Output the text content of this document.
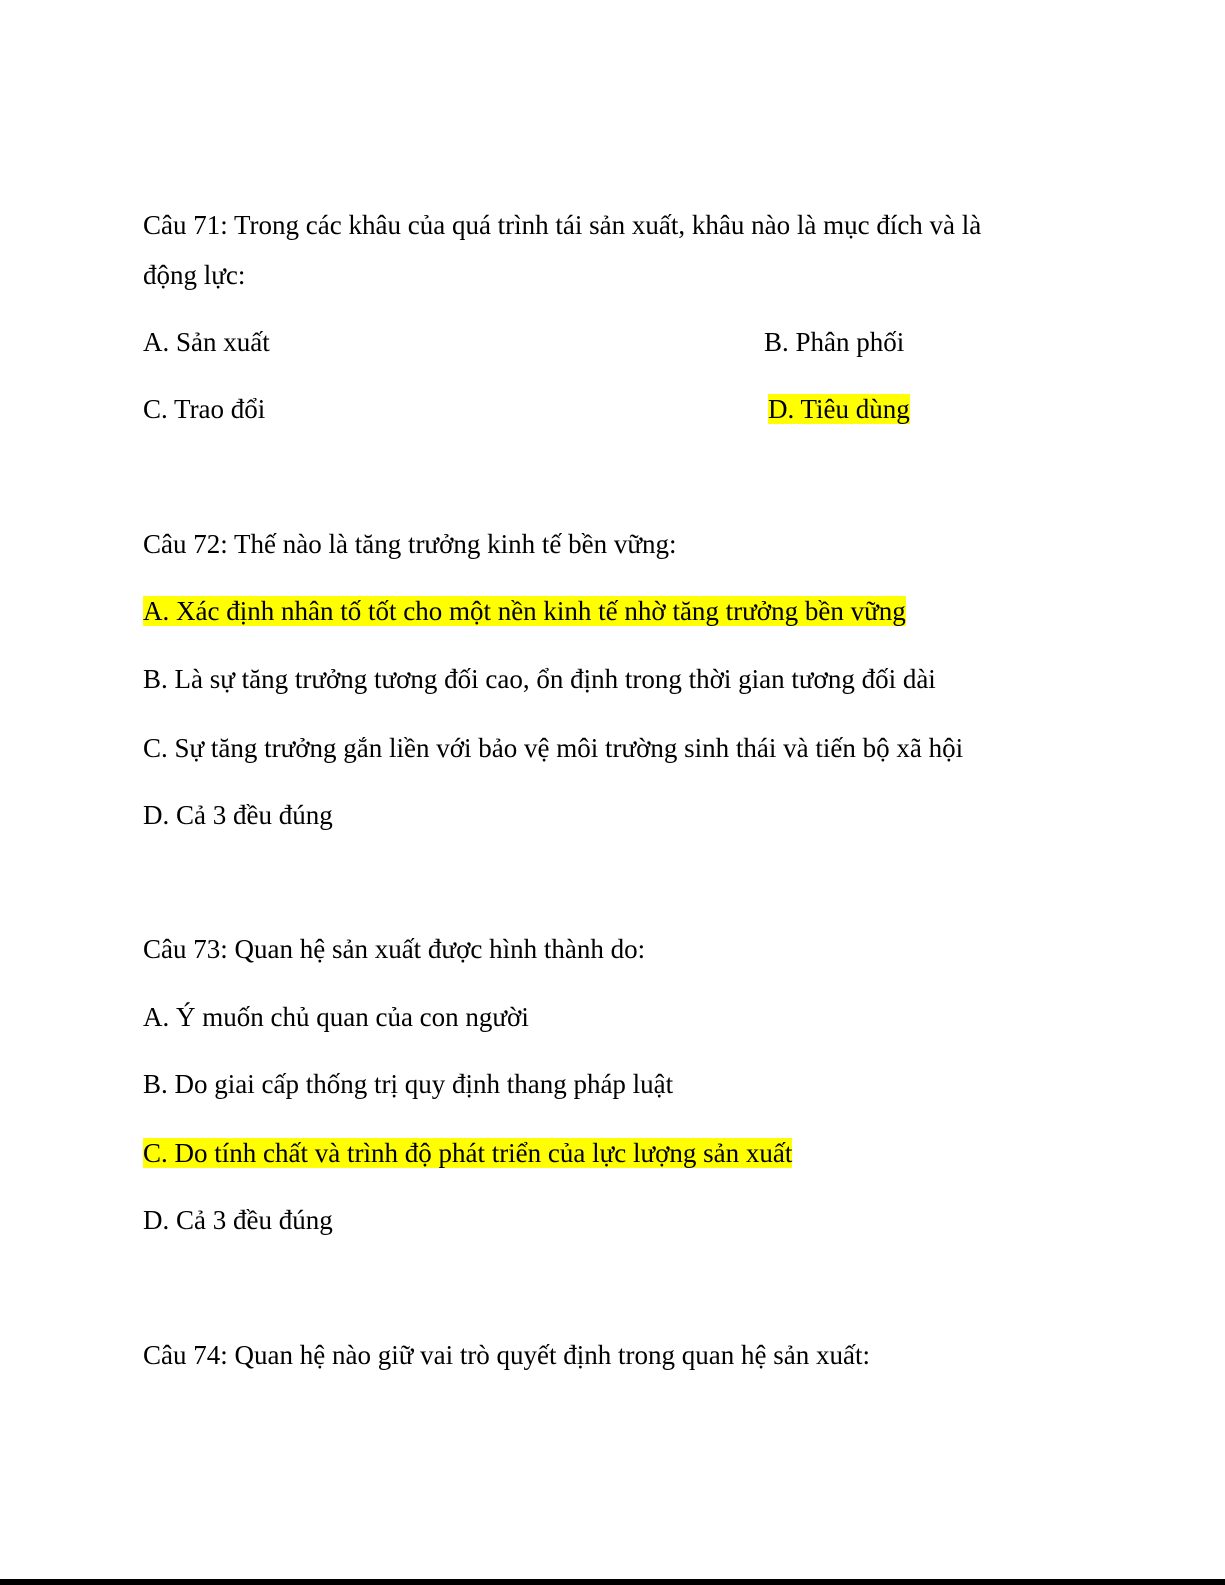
Câu 71: Trong các khâu của quá trình tái sản xuất, khâu nào là mục đích và là
động lực:
A. Sản xuất	B. Phân phối
C. Trao đổi	D. Tiêu dùng
Câu 72: Thế nào là tăng trưởng kinh tế bền vững:
A. Xác định nhân tố tốt cho một nền kinh tế nhờ tăng trưởng bền vững
B. Là sự tăng trưởng tương đối cao, ổn định trong thời gian tương đối dài
C. Sự tăng trưởng gắn liền với bảo vệ môi trường sinh thái và tiến bộ xã hội
D. Cả 3 đều đúng
Câu 73: Quan hệ sản xuất được hình thành do:
A. Ý muốn chủ quan của con người
B. Do giai cấp thống trị quy định thang pháp luật
C. Do tính chất và trình độ phát triển của lực lượng sản xuất
D. Cả 3 đều đúng
Câu 74: Quan hệ nào giữ vai trò quyết định trong quan hệ sản xuất:
